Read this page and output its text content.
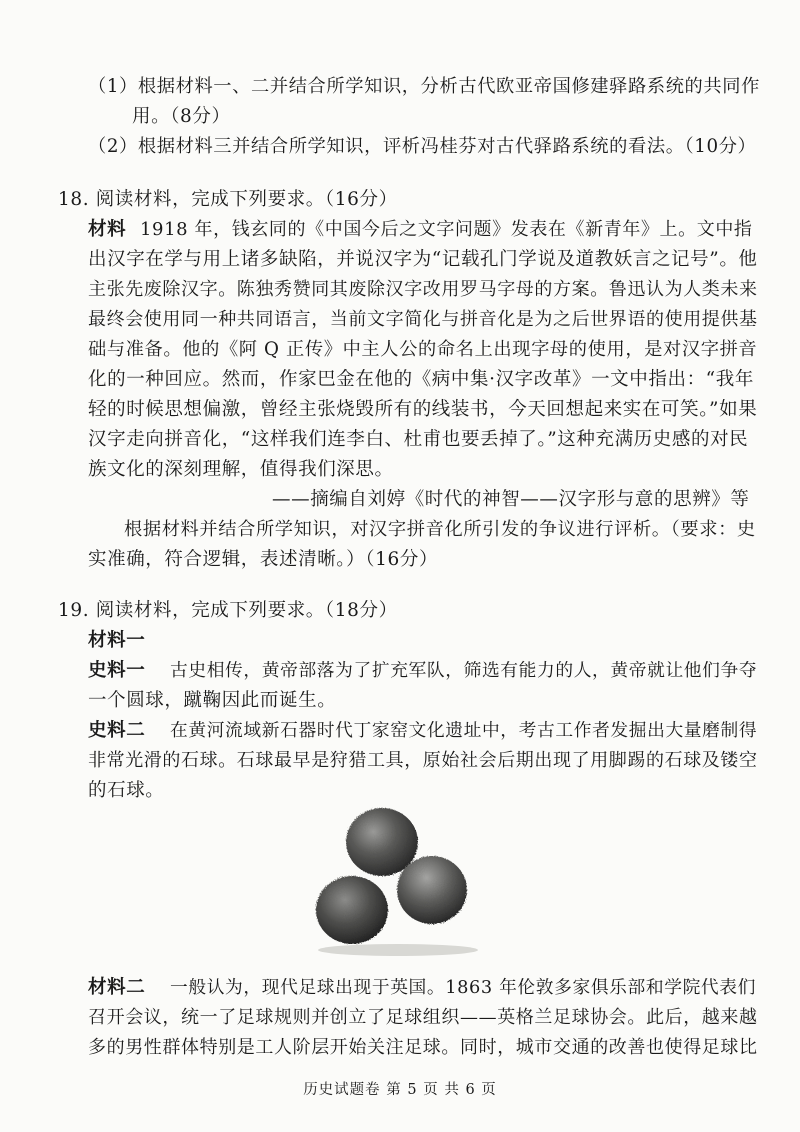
（1）根据材料一、二并结合所学知识，分析古代欧亚帝国修建驿路系统的共同作
用。（8分）
（2）根据材料三并结合所学知识，评析冯桂芬对古代驿路系统的看法。（10分）
18. 阅读材料，完成下列要求。（16分）
材料 1918 年，钱玄同的《中国今后之文字问题》发表在《新青年》上。文中指
出汉字在学与用上诸多缺陷，并说汉字为“记载孔门学说及道教妖言之记号”。他
主张先废除汉字。陈独秀赞同其废除汉字改用罗马字母的方案。鲁迅认为人类未来
最终会使用同一种共同语言，当前文字简化与拼音化是为之后世界语的使用提供基
础与准备。他的《阿 Q 正传》中主人公的命名上出现字母的使用，是对汉字拼音
化的一种回应。然而，作家巴金在他的《病中集·汉字改革》一文中指出：“我年
轻的时候思想偏激，曾经主张烧毁所有的线装书，今天回想起来实在可笑。”如果
汉字走向拼音化，“这样我们连李白、杜甫也要丢掉了。”这种充满历史感的对民
族文化的深刻理解，值得我们深思。
——摘编自刘婷《时代的神智——汉字形与意的思辨》等
根据材料并结合所学知识，对汉字拼音化所引发的争议进行评析。（要求：史
实准确，符合逻辑，表述清晰。）（16分）
19. 阅读材料，完成下列要求。（18分）
材料一
史料一 古史相传，黄帝部落为了扩充军队，筛选有能力的人，黄帝就让他们争夺
一个圆球，蹴鞠因此而诞生。
史料二 在黄河流域新石器时代丁家窑文化遗址中，考古工作者发掘出大量磨制得
非常光滑的石球。石球最早是狩猎工具，原始社会后期出现了用脚踢的石球及镂空
的石球。
材料二 一般认为，现代足球出现于英国。1863 年伦敦多家俱乐部和学院代表们
召开会议，统一了足球规则并创立了足球组织——英格兰足球协会。此后，越来越
多的男性群体特别是工人阶层开始关注足球。同时，城市交通的改善也使得足球比
历史试题卷 第 5 页 共 6 页
